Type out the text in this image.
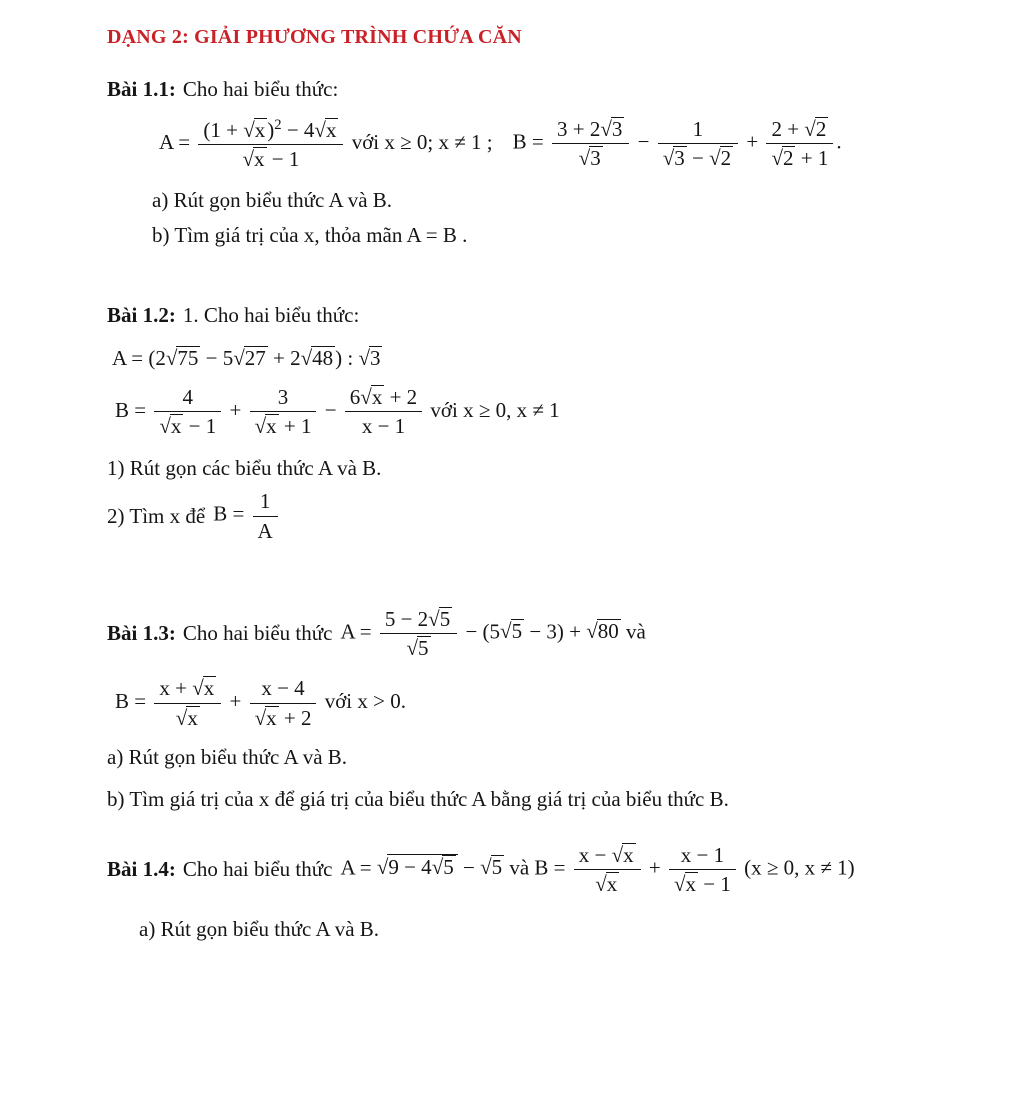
DẠNG 2: GIẢI PHƯƠNG TRÌNH CHỨA CĂN

Bài 1.1: Cho hai biểu thức:

$A = \frac{(1 + √x)^2 - 4√x}{√x - 1}$ với x ≥ 0; x ≠ 1 ; $B = \frac{3 + 2√3}{√3} - \frac{1}{√3 - √2} + \frac{2 + √2}{√2 + 1}$ .

a) Rút gọn biểu thức A và B.

b) Tìm giá trị của x, thỏa mãn A = B .

Bài 1.2: 1. Cho hai biểu thức:

A = (2√75 − 5√27 + 2√48) : √3

$B = \frac{4}{√x - 1} + \frac{3}{√x + 1} - \frac{6√x + 2}{x - 1}$ với x ≥ 0, x ≠ 1

1) Rút gọn các biểu thức A và B.

2) Tìm x để $B = \frac{1}{A}$

Bài 1.3: Cho hai biểu thức $A = \frac{5 - 2√5}{√5} - (5√5 - 3) + √80$ và

$B = \frac{x + √x}{√x} + \frac{x - 4}{√x + 2}$ với x > 0.

a) Rút gọn biểu thức A và B.

b) Tìm giá trị của x để giá trị của biểu thức A bằng giá trị của biểu thức B.

Bài 1.4: Cho hai biểu thức A = √9 − 4√5 − √5 và $B = \frac{x - √x}{√x} + \frac{x - 1}{√x - 1} (x \ge 0$, x ≠ 1)

a) Rút gọn biểu thức A và B.
